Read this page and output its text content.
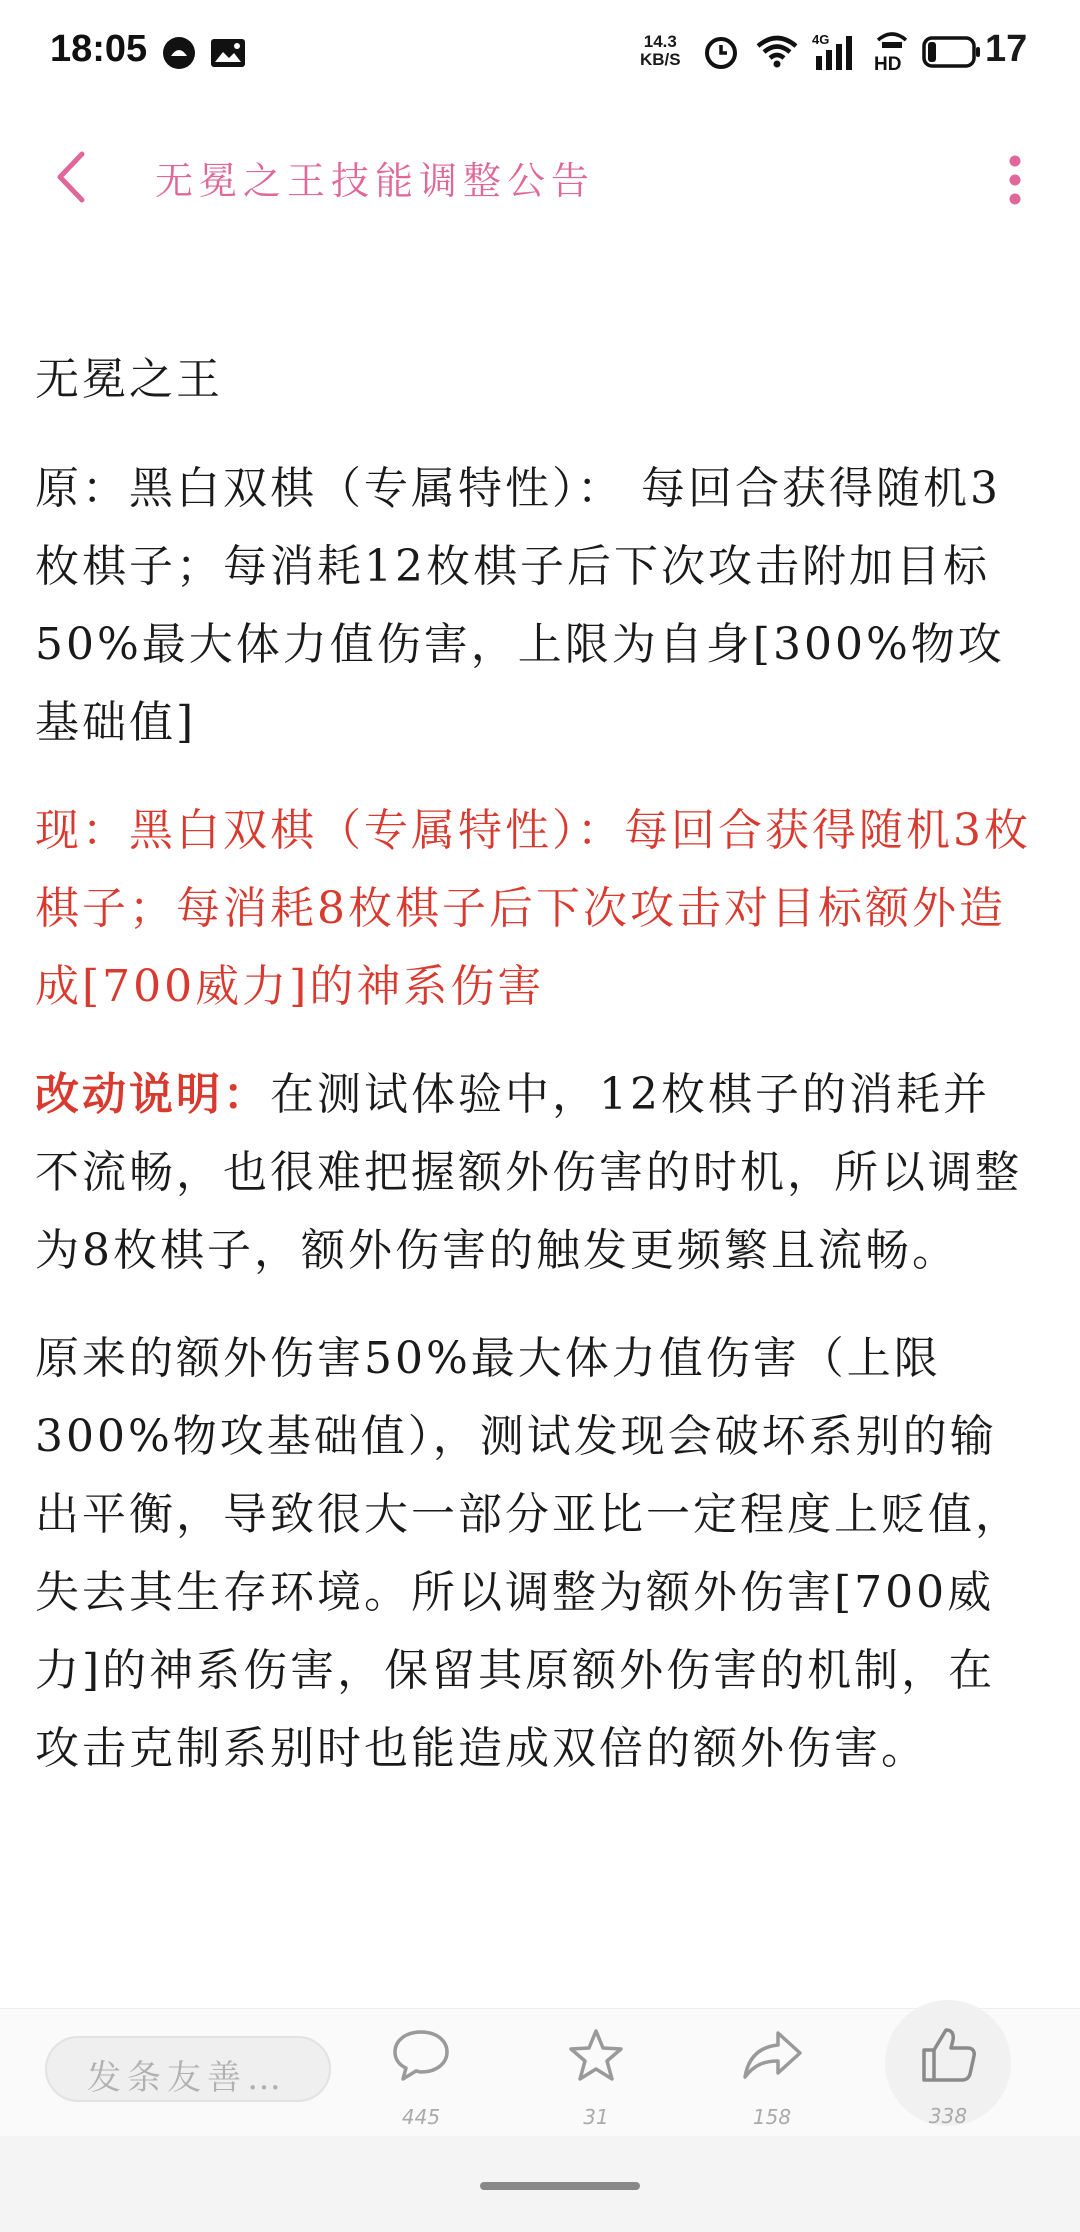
18:05	14.3
KB/S
4G
HD 17
无冕之王技能调整公告
无冕之王

原：黑白双棋（专属特性）： 每回合获得随机3枚棋子；每消耗12枚棋子后下次攻击附加目标50%最大体力值伤害，上限为自身[300%物攻基础值]

现：黑白双棋（专属特性）：每回合获得随机3枚棋子；每消耗8枚棋子后下次攻击对目标额外造成[700威力]的神系伤害

改动说明：在测试体验中，12枚棋子的消耗并不流畅，也很难把握额外伤害的时机，所以调整为8枚棋子，额外伤害的触发更频繁且流畅。

原来的额外伤害50%最大体力值伤害（上限300%物攻基础值），测试发现会破坏系别的输出平衡，导致很大一部分亚比一定程度上贬值，失去其生存环境。所以调整为额外伤害[700威力]的神系伤害，保留其原额外伤害的机制，在攻击克制系别时也能造成双倍的额外伤害。

发条友善…
445	31	158	338
